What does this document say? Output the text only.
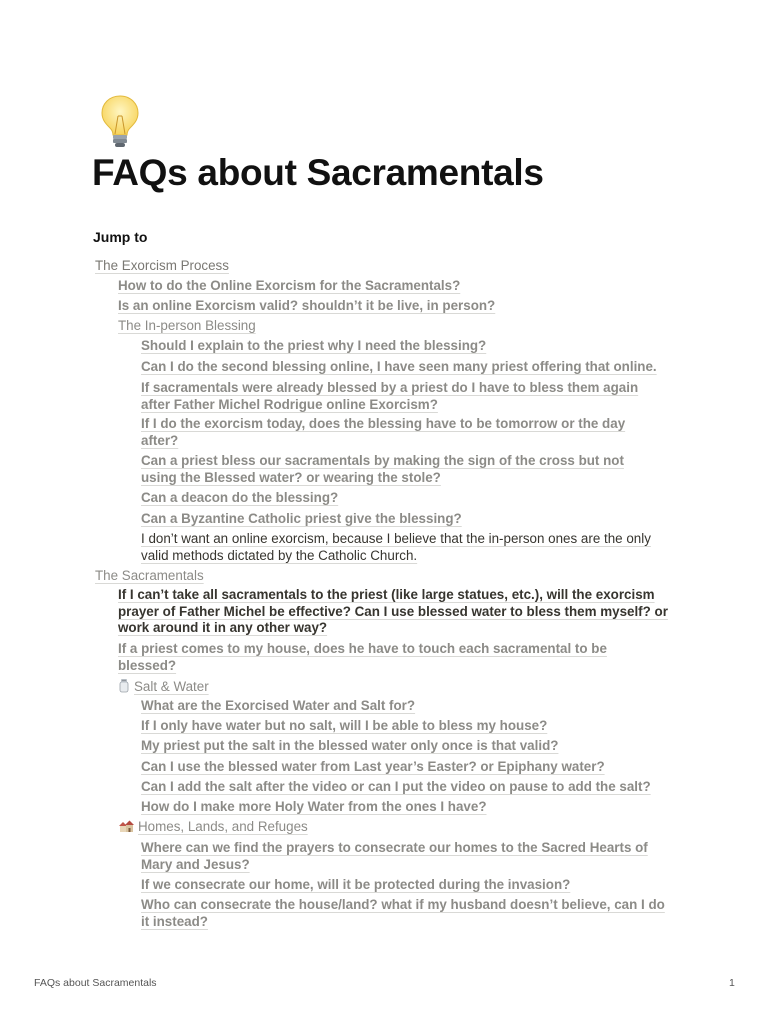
FAQs about Sacramentals
Jump to
The Exorcism Process
How to do the Online Exorcism for the Sacramentals?
Is an online Exorcism valid? shouldn’t it be live, in person?
The In-person Blessing
Should I explain to the priest why I need the blessing?
Can I do the second blessing online, I have seen many priest offering that online.
If sacramentals were already blessed by a priest do I have to bless them again after Father Michel Rodrigue online Exorcism?
If I do the exorcism today, does the blessing have to be tomorrow or the day after?
Can a priest bless our sacramentals by making the sign of the cross but not using the Blessed water? or wearing the stole?
Can a deacon do the blessing?
Can a Byzantine Catholic priest give the blessing?
I don’t want an online exorcism, because I believe that the in-person ones are the only valid methods dictated by the Catholic Church.
The Sacramentals
If I can’t take all sacramentals to the priest (like large statues, etc.), will the exorcism prayer of Father Michel be effective? Can I use blessed water to bless them myself? or work around it in any other way?
If a priest comes to my house, does he have to touch each sacramental to be blessed?
Salt & Water
What are the Exorcised Water and Salt for?
If I only have water but no salt, will I be able to bless my house?
My priest put the salt in the blessed water only once is that valid?
Can I use the blessed water from Last year’s Easter? or Epiphany water?
Can I add the salt after the video or can I put the video on pause to add the salt?
How do I make more Holy Water from the ones I have?
Homes, Lands, and Refuges
Where can we find the prayers to consecrate our homes to the Sacred Hearts of Mary and Jesus?
If we consecrate our home, will it be protected during the invasion?
Who can consecrate the house/land? what if my husband doesn’t believe, can I do it instead?
FAQs about Sacramentals	1
